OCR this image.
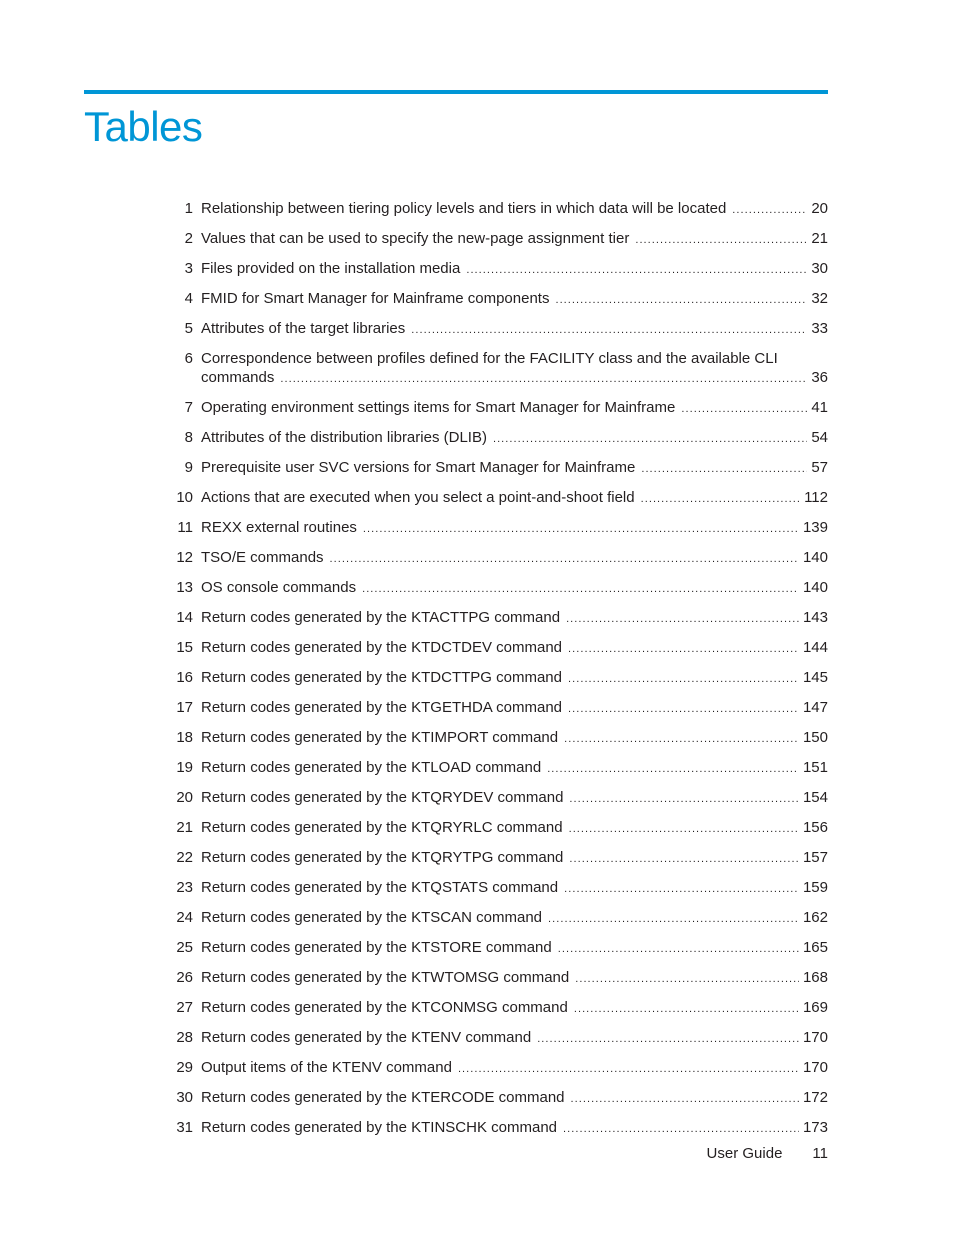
Tables
1 Relationship between tiering policy levels and tiers in which data will be located . . .	20
2 Values that can be used to specify the new-page assignment tier . . .	21
3 Files provided on the installation media . . .	30
4 FMID for Smart Manager for Mainframe components . . .	32
5 Attributes of the target libraries . . .	33
6 Correspondence between profiles defined for the FACILITY class and the available CLI
commands . . .	36
7 Operating environment settings items for Smart Manager for Mainframe . . .	41
8 Attributes of the distribution libraries (DLIB) . . .	54
9 Prerequisite user SVC versions for Smart Manager for Mainframe . . .	57
10 Actions that are executed when you select a point-and-shoot field . . .	112
11 REXX external routines . . .	139
12 TSO/E commands . . .	140
13 OS console commands . . .	140
14 Return codes generated by the KTACTTPG command . . .	143
15 Return codes generated by the KTDCTDEV command . . .	144
16 Return codes generated by the KTDCTTPG command . . .	145
17 Return codes generated by the KTGETHDA command . . .	147
18 Return codes generated by the KTIMPORT command . . .	150
19 Return codes generated by the KTLOAD command . . .	151
20 Return codes generated by the KTQRYDEV command . . .	154
21 Return codes generated by the KTQRYRLC command . . .	156
22 Return codes generated by the KTQRYTPG command . . .	157
23 Return codes generated by the KTQSTATS command . . .	159
24 Return codes generated by the KTSCAN command . . .	162
25 Return codes generated by the KTSTORE command . . .	165
26 Return codes generated by the KTWTOMSG command . . .	168
27 Return codes generated by the KTCONMSG command . . .	169
28 Return codes generated by the KTENV command . . .	170
29 Output items of the KTENV command . . .	170
30 Return codes generated by the KTERCODE command . . .	172
31 Return codes generated by the KTINSCHK command . . .	173
User Guide 11
